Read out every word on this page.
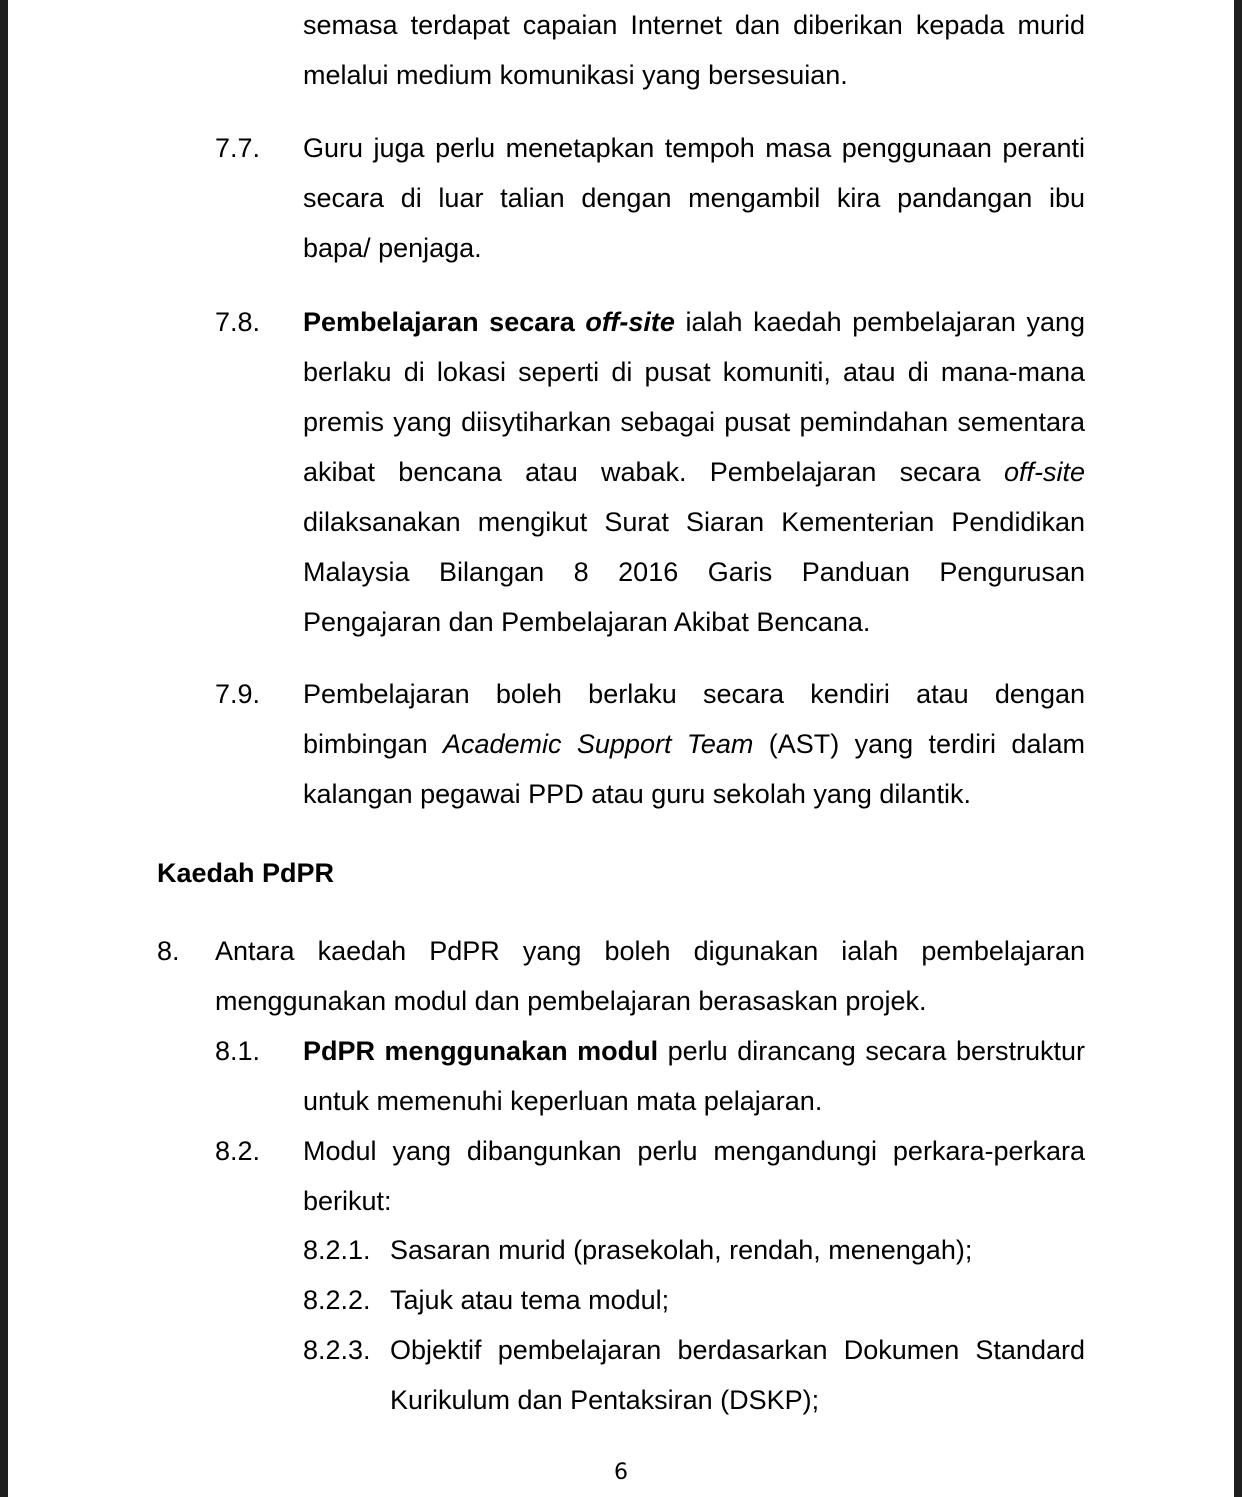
semasa terdapat capaian Internet dan diberikan kepada murid melalui medium komunikasi yang bersesuian.
7.7. Guru juga perlu menetapkan tempoh masa penggunaan peranti secara di luar talian dengan mengambil kira pandangan ibu bapa/ penjaga.
7.8. Pembelajaran secara off-site ialah kaedah pembelajaran yang berlaku di lokasi seperti di pusat komuniti, atau di mana-mana premis yang diisytiharkan sebagai pusat pemindahan sementara akibat bencana atau wabak. Pembelajaran secara off-site dilaksanakan mengikut Surat Siaran Kementerian Pendidikan Malaysia Bilangan 8 2016 Garis Panduan Pengurusan Pengajaran dan Pembelajaran Akibat Bencana.
7.9. Pembelajaran boleh berlaku secara kendiri atau dengan bimbingan Academic Support Team (AST) yang terdiri dalam kalangan pegawai PPD atau guru sekolah yang dilantik.
Kaedah PdPR
8. Antara kaedah PdPR yang boleh digunakan ialah pembelajaran menggunakan modul dan pembelajaran berasaskan projek.
8.1. PdPR menggunakan modul perlu dirancang secara berstruktur untuk memenuhi keperluan mata pelajaran.
8.2. Modul yang dibangunkan perlu mengandungi perkara-perkara berikut:
8.2.1. Sasaran murid (prasekolah, rendah, menengah);
8.2.2. Tajuk atau tema modul;
8.2.3. Objektif pembelajaran berdasarkan Dokumen Standard Kurikulum dan Pentaksiran (DSKP);
6
